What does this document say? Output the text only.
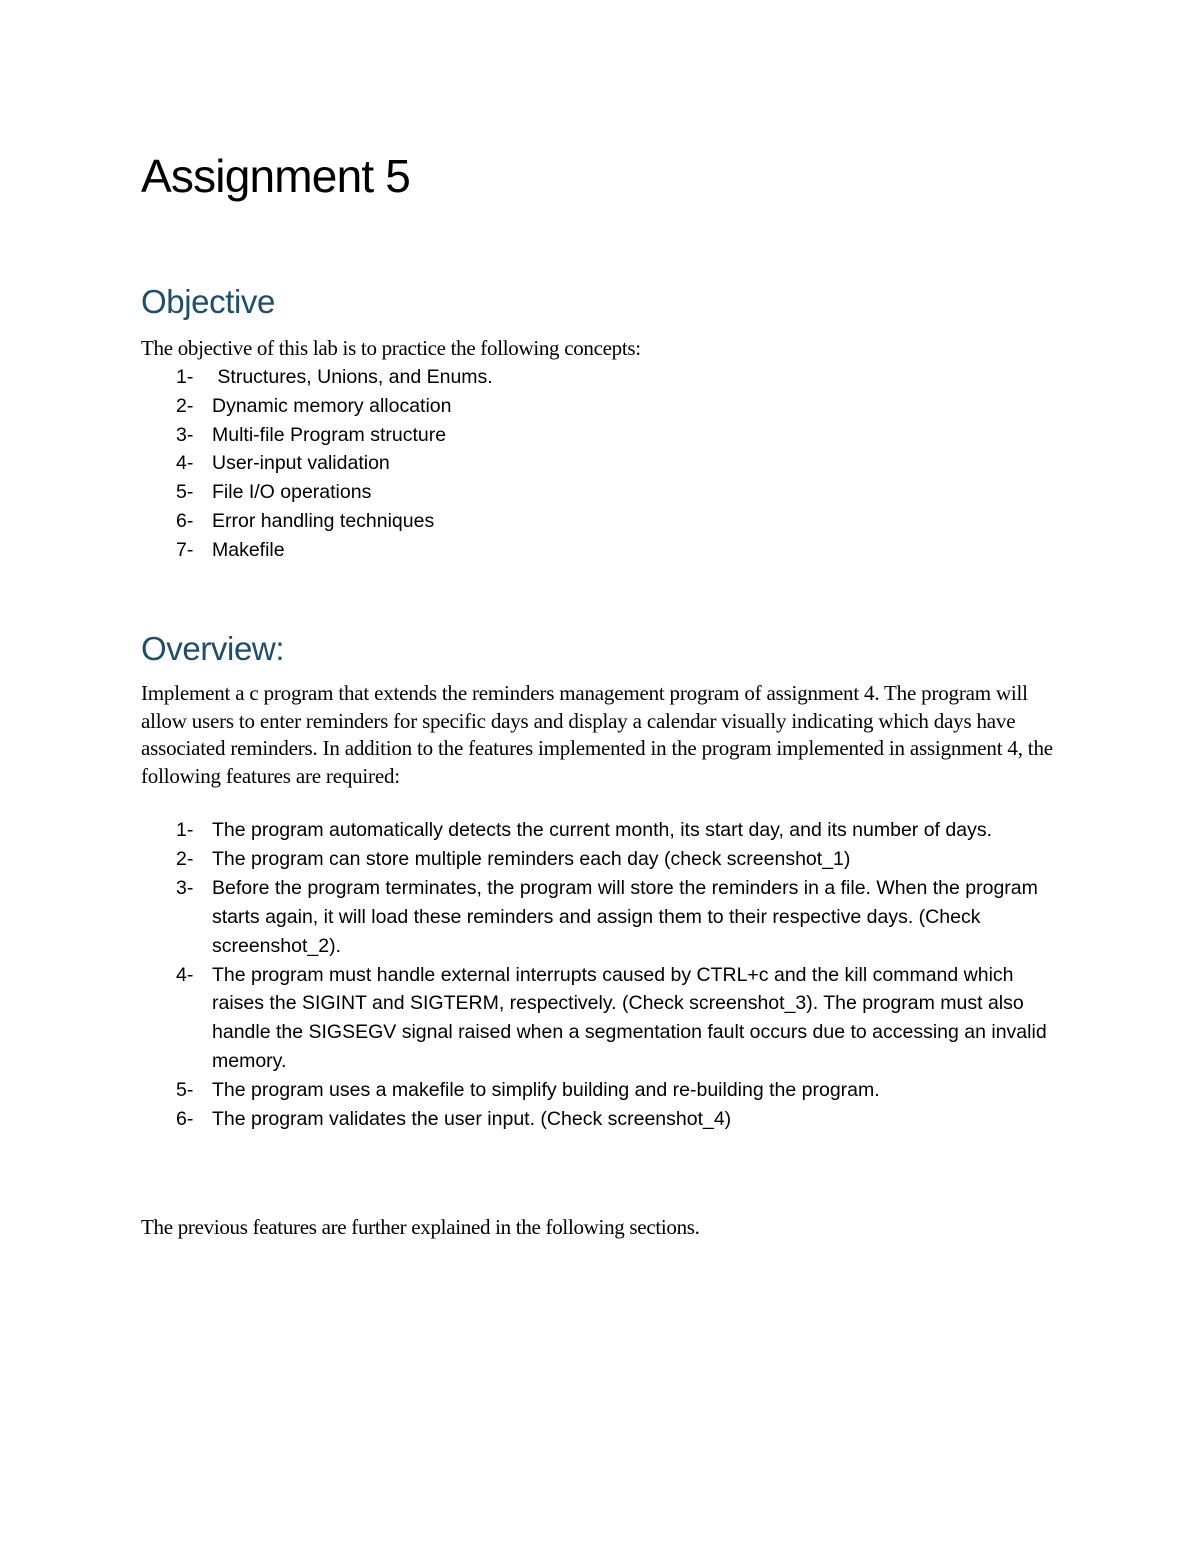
Assignment 5
Objective

The objective of this lab is to practice the following concepts:

1- Structures, Unions, and Enums.
2- Dynamic memory allocation
3- Multi-file Program structure
4- User-input validation
5- File I/O operations
6- Error handling techniques
7- Makefile
Overview:

Implement a c program that extends the reminders management program of assignment 4. The program will allow users to enter reminders for specific days and display a calendar visually indicating which days have associated reminders. In addition to the features implemented in the program implemented in assignment 4, the following features are required:

1- The program automatically detects the current month, its start day, and its number of days.
2- The program can store multiple reminders each day (check screenshot_1)
3- Before the program terminates, the program will store the reminders in a file. When the program starts again, it will load these reminders and assign them to their respective days. (Check screenshot_2).
4- The program must handle external interrupts caused by CTRL+c and the kill command which raises the SIGINT and SIGTERM, respectively. (Check screenshot_3). The program must also handle the SIGSEGV signal raised when a segmentation fault occurs due to accessing an invalid memory.
5- The program uses a makefile to simplify building and re-building the program.
6- The program validates the user input. (Check screenshot_4)

The previous features are further explained in the following sections.
